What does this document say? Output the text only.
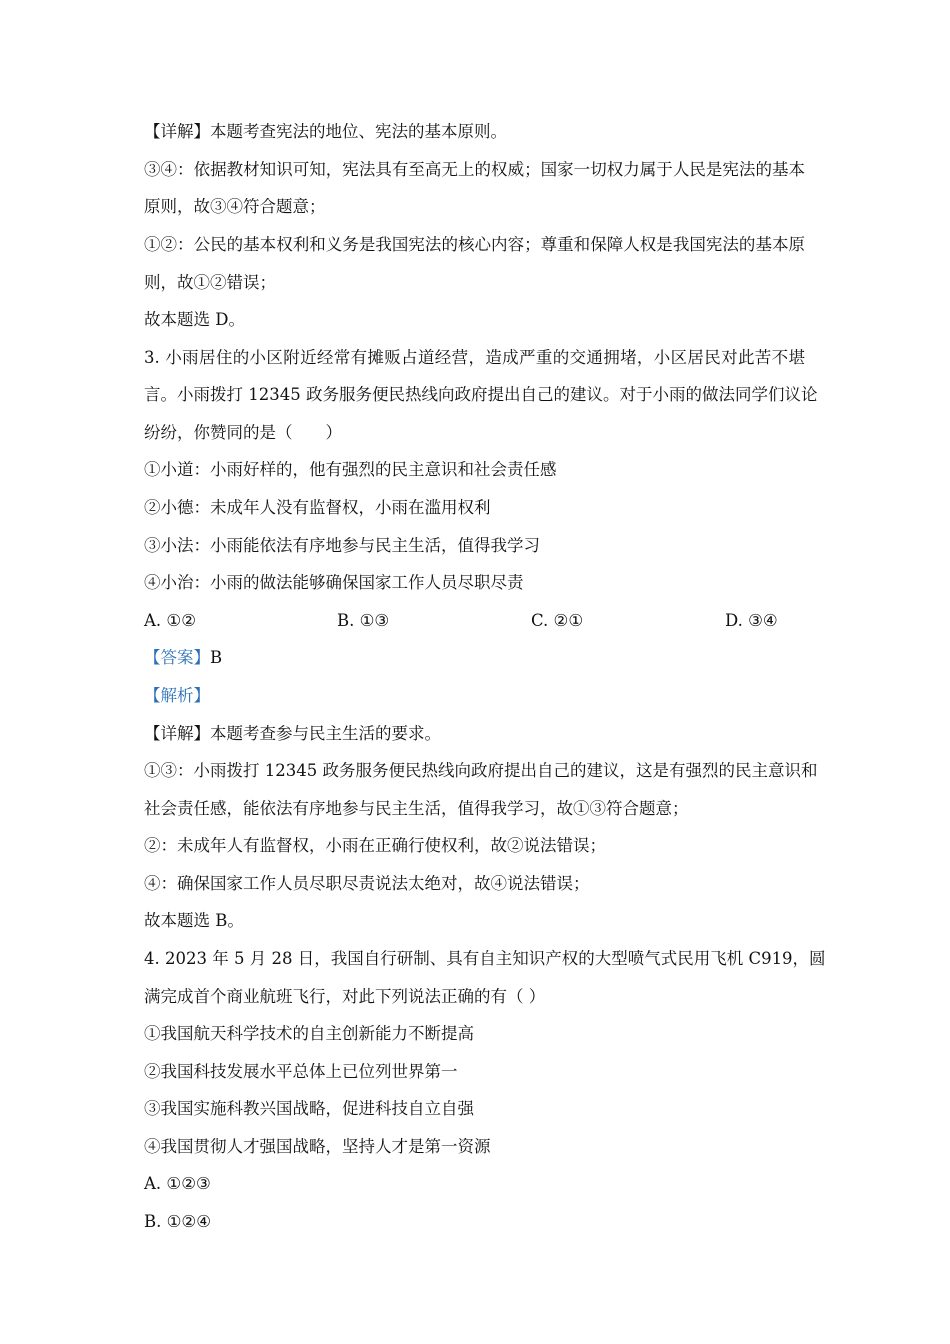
【详解】本题考查宪法的地位、宪法的基本原则。
③④：依据教材知识可知，宪法具有至高无上的权威；国家一切权力属于人民是宪法的基本
原则，故③④符合题意；
①②：公民的基本权利和义务是我国宪法的核心内容；尊重和保障人权是我国宪法的基本原
则，故①②错误；
故本题选 D。
3. 小雨居住的小区附近经常有摊贩占道经营，造成严重的交通拥堵，小区居民对此苦不堪
言。小雨拨打 12345 政务服务便民热线向政府提出自己的建议。对于小雨的做法同学们议论
纷纷，你赞同的是（　　）
①小道：小雨好样的，他有强烈的民主意识和社会责任感
②小德：未成年人没有监督权，小雨在滥用权利
③小法：小雨能依法有序地参与民主生活，值得我学习
④小治：小雨的做法能够确保国家工作人员尽职尽责
A. ①②	B. ①③	C. ②①	D. ③④
【答案】B
【解析】
【详解】本题考查参与民主生活的要求。
①③：小雨拨打 12345 政务服务便民热线向政府提出自己的建议，这是有强烈的民主意识和
社会责任感，能依法有序地参与民主生活，值得我学习，故①③符合题意；
②：未成年人有监督权，小雨在正确行使权利，故②说法错误；
④：确保国家工作人员尽职尽责说法太绝对，故④说法错误；
故本题选 B。
4. 2023 年 5 月 28 日，我国自行研制、具有自主知识产权的大型喷气式民用飞机 C919，圆
满完成首个商业航班飞行，对此下列说法正确的有（ ）
①我国航天科学技术的自主创新能力不断提高
②我国科技发展水平总体上已位列世界第一
③我国实施科教兴国战略，促进科技自立自强
④我国贯彻人才强国战略，坚持人才是第一资源
A. ①②③
B. ①②④
